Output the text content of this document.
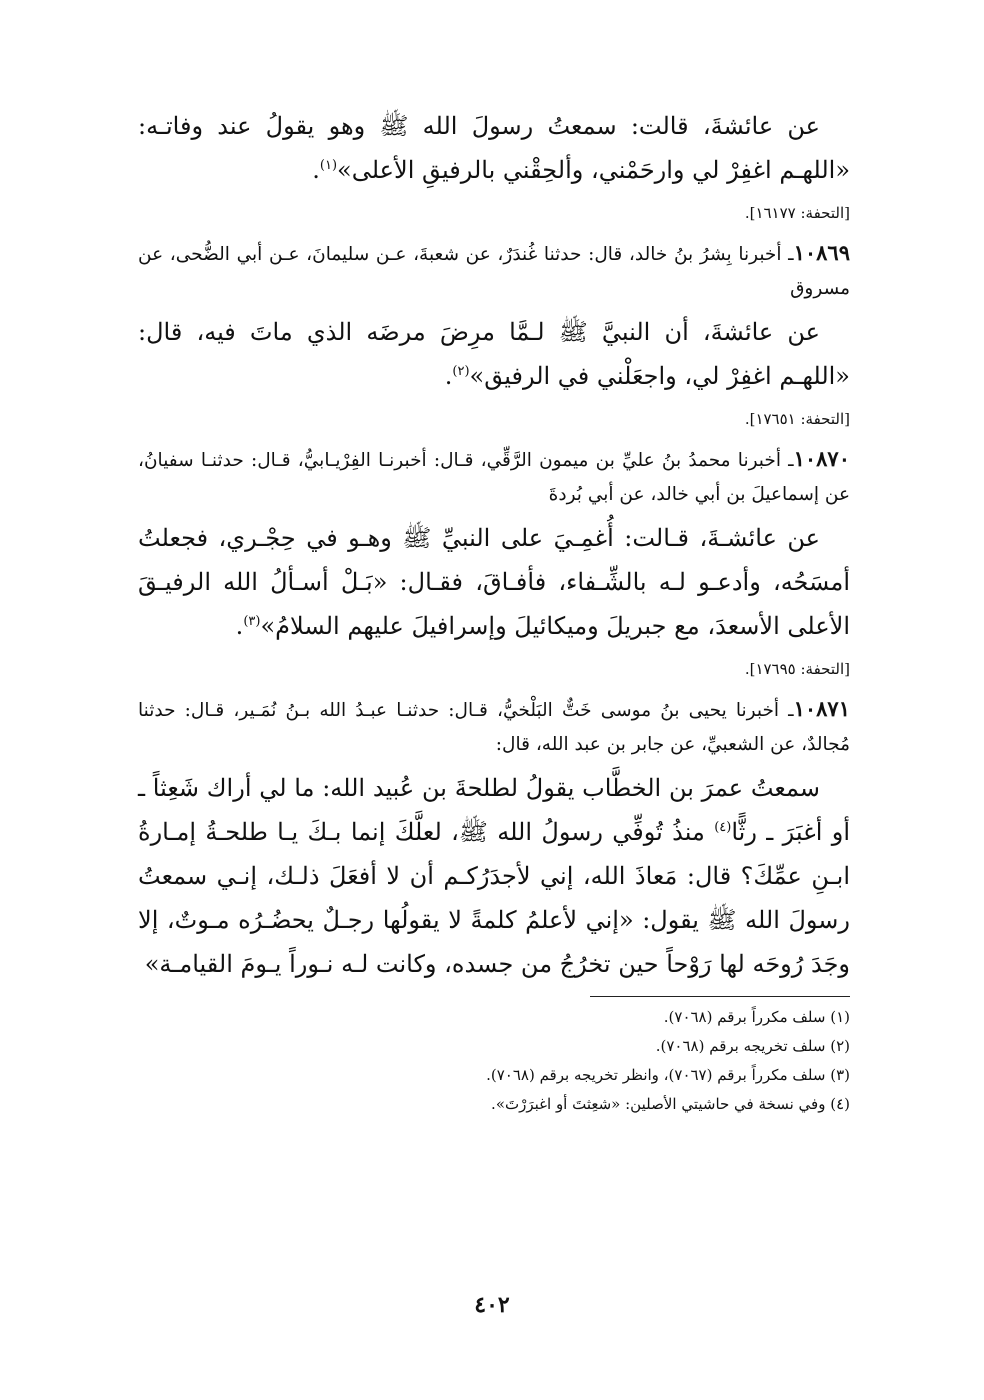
عن عائشةَ، قالت: سمعتُ رسولَ الله ﷺ وهو يقولُ عند وفاتـه: «اللهـم اغفِرْ لي وارحَمْني، وألحِقْني بالرفيقِ الأعلى»$^{(١)}$.

[التحفة: ١٦١٧٧].

١٠٨٦٩ـ أخبرنا بِشرُ بنُ خالد، قال: حدثنا غُندَرٌ، عن شعبةَ، عـن سليمانَ، عـن أبي الضُّحى، عن مسروق

عن عائشةَ، أن النبيَّ ﷺ لـمَّا مرِضَ مرضَه الذي ماتَ فيه، قال: «اللهـم اغفِرْ لي، واجعَلْني في الرفيق»$^{(٢)}$.

[التحفة: ١٧٦٥١].

١٠٨٧٠ـ أخبرنا محمدُ بنُ عليِّ بن ميمون الرَّقِّي، قـال: أخبرنـا الفِرْيـابيُّ، قـال: حدثنـا سفيانُ، عن إسماعيلَ بن أبي خالد، عن أبي بُردةَ

عن عائشـةَ، قـالت: أُغمِـيَ على النبيِّ ﷺ وهـو في حِجْـري، فجعلتُ أمسَحُه، وأدعـو لـه بالشِّـفاء، فأفـاقَ، فقـال: «بَـلْ أسـألُ الله الرفيـقَ الأعلى الأسعدَ، مع جبريلَ وميكائيلَ وإسرافيلَ عليهم السلامُ»$^{(٣)}$.

[التحفة: ١٧٦٩٥].

١٠٨٧١ـ أخبرنا يحيى بنُ موسى خَتٌّ البَلْخيُّ، قـال: حدثنـا عبـدُ الله بـنُ نُمَـير، قـال: حدثنا مُجالدٌ، عن الشعبيِّ، عن جابر بن عبد الله، قال:

سمعتُ عمرَ بن الخطَّاب يقولُ لطلحةَ بن عُبيد الله: ما لي أراك شَعِثاً ـ أو أغبَرَ ـ رثًّا$^{(٤)}$ منذُ تُوفِّي رسولُ الله ﷺ، لعلَّكَ إنما بـكَ يـا طلحـةُ إمـارةُ ابـنِ عمِّكَ؟ قال: مَعاذَ الله، إني لأجدَرُكـم أن لا أفعَلَ ذلـك، إنـي سمعتُ رسولَ الله ﷺ يقول: «إني لأعلمُ كلمةً لا يقولُها رجـلٌ يحضُـرُه مـوتٌ، إلا وجَدَ رُوحَه لها رَوْحاً حين تخرُجُ من جسده، وكانت لـه نـوراً يـومَ القيامـة»

(١) سلف مكرراً برقم (٧٠٦٨).

(٢) سلف تخريجه برقم (٧٠٦٨).

(٣) سلف مكرراً برقم (٧٠٦٧)، وانظر تخريجه برقم (٧٠٦٨).

(٤) وفي نسخة في حاشيتي الأصلين: «شعِثتَ أو اغبرَرْتَ».

٤٠٢
